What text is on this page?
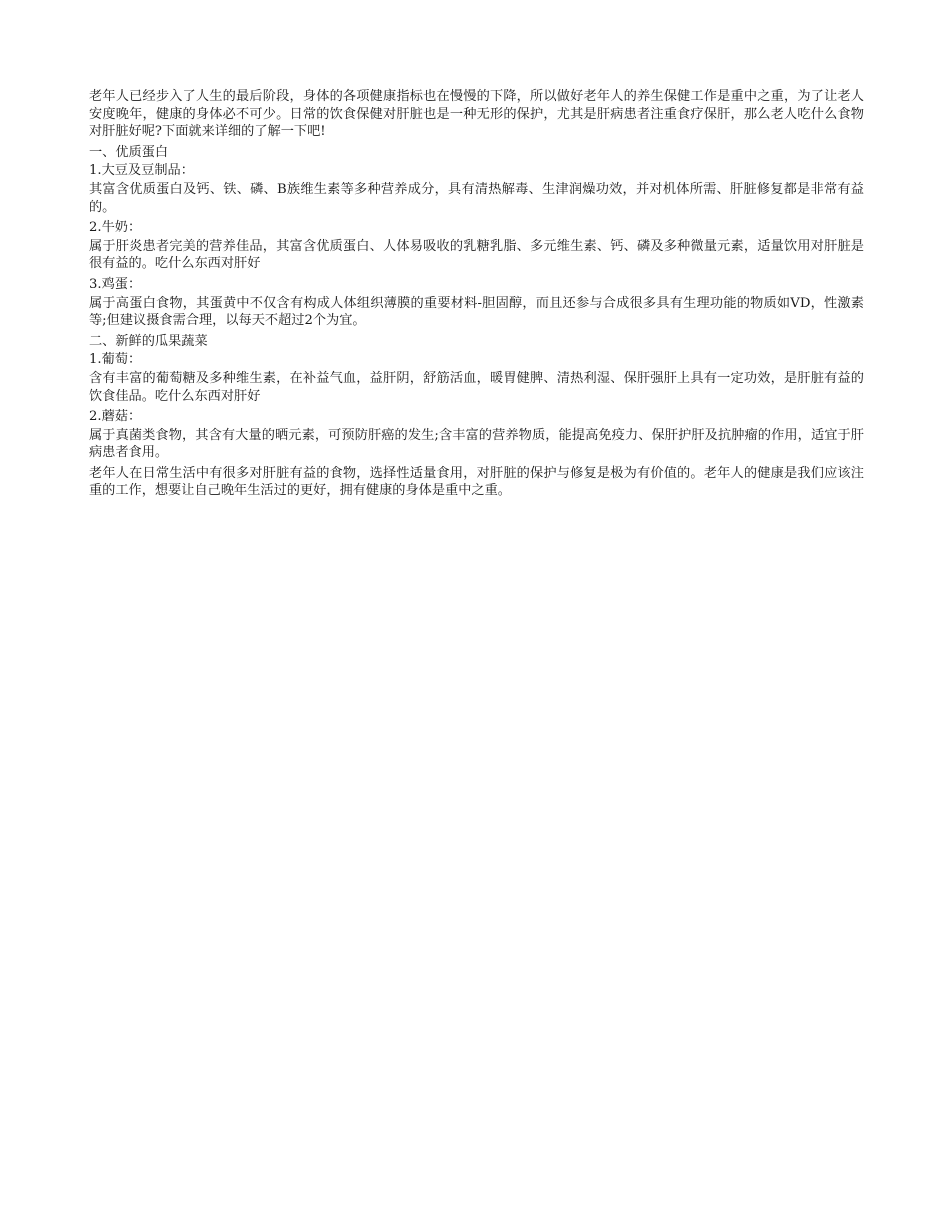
老年人已经步入了人生的最后阶段，身体的各项健康指标也在慢慢的下降，所以做好老年人的养生保健工作是重中之重，为了让老人安度晚年，健康的身体必不可少。日常的饮食保健对肝脏也是一种无形的保护，尤其是肝病患者注重食疗保肝，那么老人吃什么食物对肝脏好呢?下面就来详细的了解一下吧!

一、优质蛋白

1.大豆及豆制品：

其富含优质蛋白及钙、铁、磷、B族维生素等多种营养成分，具有清热解毒、生津润燥功效，并对机体所需、肝脏修复都是非常有益的。

2.牛奶：

属于肝炎患者完美的营养佳品，其富含优质蛋白、人体易吸收的乳糖乳脂、多元维生素、钙、磷及多种微量元素，适量饮用对肝脏是很有益的。吃什么东西对肝好

3.鸡蛋：

属于高蛋白食物，其蛋黄中不仅含有构成人体组织薄膜的重要材料-胆固醇，而且还参与合成很多具有生理功能的物质如VD，性激素等;但建议摄食需合理，以每天不超过2个为宜。

二、新鲜的瓜果蔬菜

1.葡萄：

含有丰富的葡萄糖及多种维生素，在补益气血，益肝阴，舒筋活血，暖胃健脾、清热利湿、保肝强肝上具有一定功效，是肝脏有益的饮食佳品。吃什么东西对肝好

2.蘑菇：

属于真菌类食物，其含有大量的晒元素，可预防肝癌的发生;含丰富的营养物质，能提高免疫力、保肝护肝及抗肿瘤的作用，适宜于肝病患者食用。

老年人在日常生活中有很多对肝脏有益的食物，选择性适量食用，对肝脏的保护与修复是极为有价值的。老年人的健康是我们应该注重的工作，想要让自己晚年生活过的更好，拥有健康的身体是重中之重。
